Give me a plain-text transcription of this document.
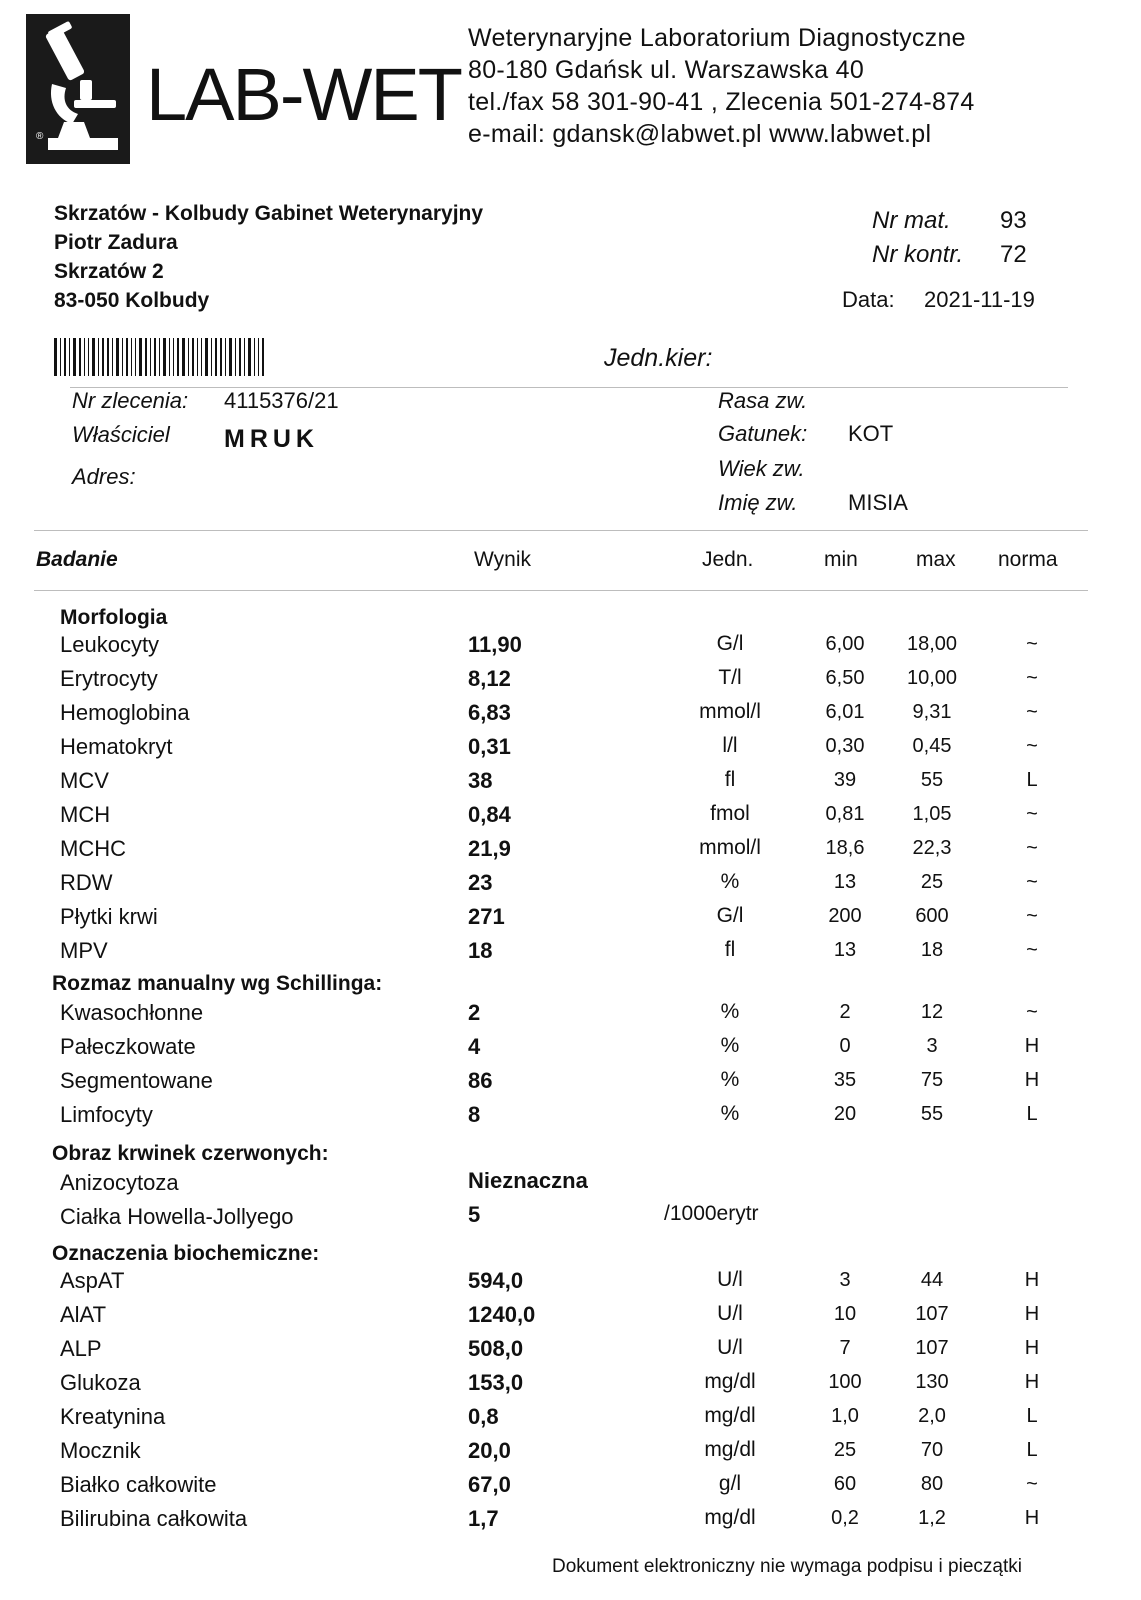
®
LAB-WET
Weterynaryjne Laboratorium Diagnostyczne
80-180 Gdańsk ul. Warszawska 40
tel./fax 58 301-90-41 , Zlecenia 501-274-874
e-mail: gdansk@labwet.pl www.labwet.pl
Skrzatów - Kolbudy Gabinet Weterynaryjny
Piotr Zadura
Skrzatów 2
83-050 Kolbudy
Nr mat. 93
Nr kontr. 72
Data: 2021-11-19
Jedn.kier:
Nr zlecenia: 4115376/21
Właściciel MRUK
Adres:
Rasa zw.
Gatunek: KOT
Wiek zw.
Imię zw. MISIA
Badanie	Wynik	Jedn.	min	max norma
Morfologia
Leukocyty	11,90	G/l	6,00	18,00	~
Erytrocyty	8,12	T/l	6,50	10,00	~
Hemoglobina	6,83	mmol/l	6,01	9,31	~
Hematokryt	0,31	l/l	0,30	0,45	~
MCV	38	fl	39	55	L
MCH	0,84	fmol	0,81	1,05	~
MCHC	21,9	mmol/l	18,6	22,3	~
RDW	23	%	13	25	~
Płytki krwi	271	G/l	200	600	~
MPV	18	fl	13	18	~
Rozmaz manualny wg Schillinga:
Kwasochłonne	2	%	2	12	~
Pałeczkowate	4	%	0	3	H
Segmentowane	86	%	35	75	H
Limfocyty	8	%	20	55	L
Obraz krwinek czerwonych:
Anizocytoza	Nieznaczna
Ciałka Howella-Jollyego	5	/1000erytr
Oznaczenia biochemiczne:
AspAT	594,0	U/l	3	44	H
AlAT	1240,0	U/l	10	107	H
ALP	508,0	U/l	7	107	H
Glukoza	153,0	mg/dl	100	130	H
Kreatynina	0,8	mg/dl	1,0	2,0	L
Mocznik	20,0	mg/dl	25	70	L
Białko całkowite	67,0	g/l	60	80	~
Bilirubina całkowita	1,7	mg/dl	0,2	1,2	H
Dokument elektroniczny nie wymaga podpisu i pieczątki
